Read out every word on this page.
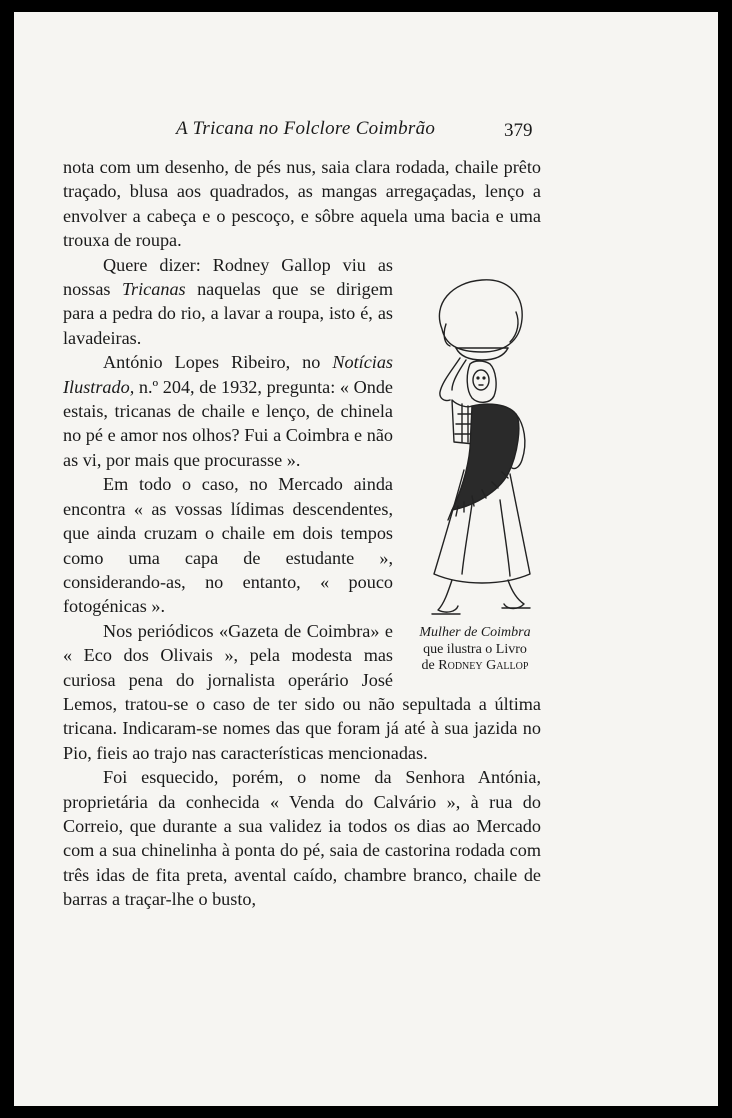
A Tricana no Folclore Coimbrão	379

nota com um desenho, de pés nus, saia clara rodada, chaile prêto traçado, blusa aos quadrados, as mangas arregaçadas, lenço a envolver a cabeça e o pescoço, e sôbre aquela uma bacia e uma trouxa de roupa.

Quere dizer: Rodney Gallop viu as nossas Tricanas naquelas que se dirigem para a pedra do rio, a lavar a roupa, isto é, as lavadeiras.

António Lopes Ribeiro, no Notícias Ilustrado, n.º 204, de 1932, pregunta: « Onde estais, tricanas de chaile e lenço, de chinela no pé e amor nos olhos? Fui a Coimbra e não as vi, por mais que procurasse ».

Em todo o caso, no Mercado ainda encontra « as vossas lídimas descendentes, que ainda cruzam o chaile em dois tempos como uma capa de estudante », considerando-as, no entanto, « pouco fotogénicas ».

Nos periódicos «Gazeta de Coimbra» e « Eco dos Olivais », pela modesta mas curiosa pena do jornalista operário José Lemos, tratou-se o caso de ter sido ou não sepultada a última tricana. Indicaram-se nomes das que foram já até à sua jazida no Pio, fieis ao trajo nas características mencionadas.

Foi esquecido, porém, o nome da Senhora Antónia, proprietária da conhecida « Venda do Calvário », à rua do Correio, que durante a sua validez ia todos os dias ao Mercado com a sua chinelinha à ponta do pé, saia de castorina rodada com três idas de fita preta, avental caído, chambre branco, chaile de barras a traçar-lhe o busto,

Mulher de Coimbra
que ilustra o Livro
de Rodney Gallop
